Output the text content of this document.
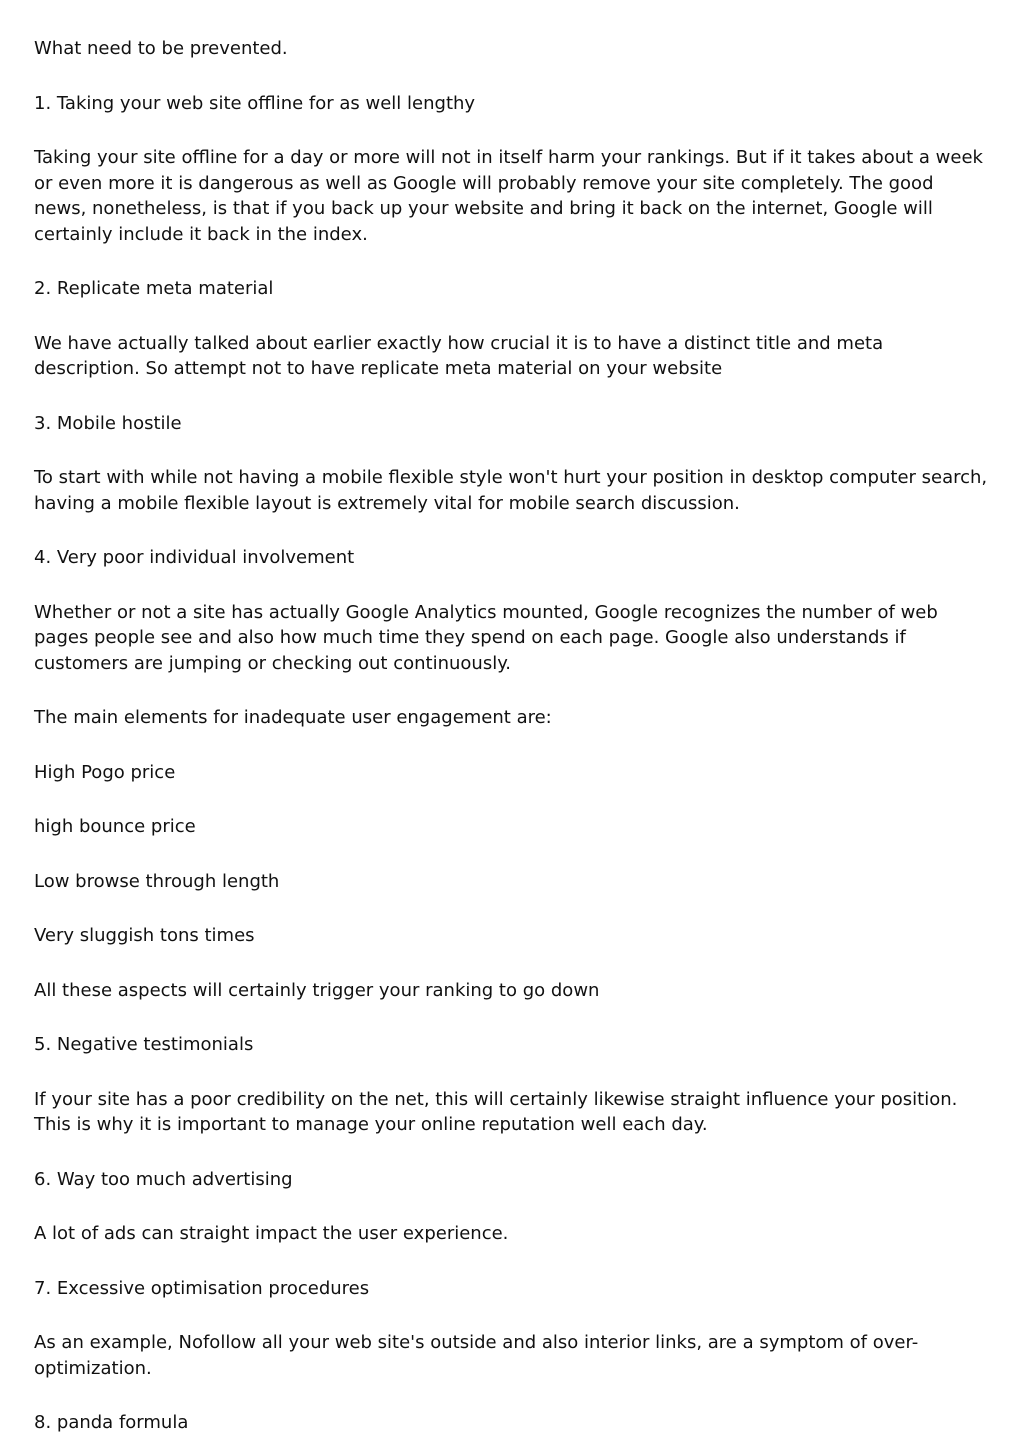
What need to be prevented.

1. Taking your web site offline for as well lengthy

Taking your site offline for a day or more will not in itself harm your rankings. But if it takes about a week or even more it is dangerous as well as Google will probably remove your site completely. The good news, nonetheless, is that if you back up your website and bring it back on the internet, Google will certainly include it back in the index.

2. Replicate meta material

We have actually talked about earlier exactly how crucial it is to have a distinct title and meta description. So attempt not to have replicate meta material on your website

3. Mobile hostile

To start with while not having a mobile flexible style won't hurt your position in desktop computer search, having a mobile flexible layout is extremely vital for mobile search discussion.

4. Very poor individual involvement

Whether or not a site has actually Google Analytics mounted, Google recognizes the number of web pages people see and also how much time they spend on each page. Google also understands if customers are jumping or checking out continuously.

The main elements for inadequate user engagement are:

High Pogo price

high bounce price

Low browse through length

Very sluggish tons times

All these aspects will certainly trigger your ranking to go down

5. Negative testimonials

If your site has a poor credibility on the net, this will certainly likewise straight influence your position. This is why it is important to manage your online reputation well each day.

6. Way too much advertising

A lot of ads can straight impact the user experience.

7. Excessive optimisation procedures

As an example, Nofollow all your web site's outside and also interior links, are a symptom of over-optimization.

8. panda formula
